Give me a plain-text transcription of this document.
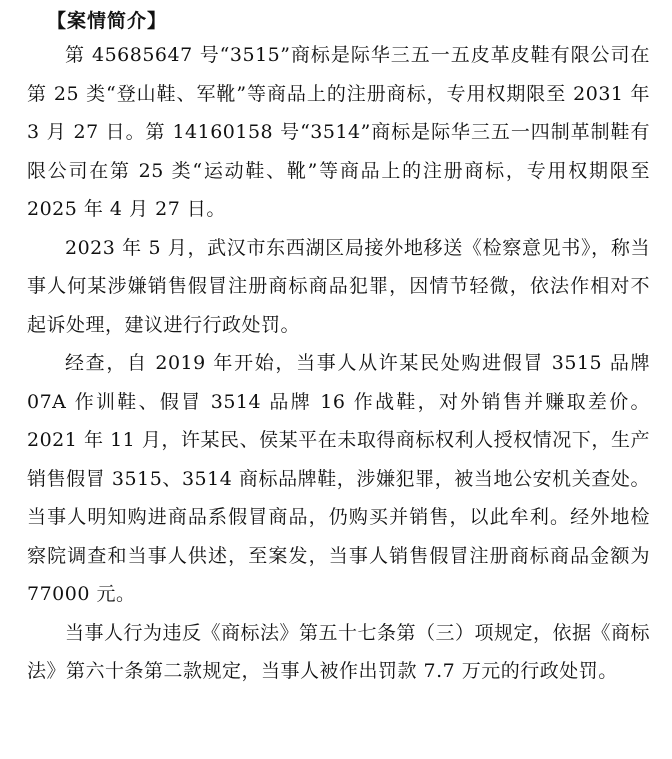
【案情简介】

第 45685647 号“3515”商标是际华三五一五皮革皮鞋有限公司在第 25 类“登山鞋、军靴”等商品上的注册商标，专用权期限至 2031 年 3 月 27 日。第 14160158 号“3514”商标是际华三五一四制革制鞋有限公司在第 25 类“运动鞋、靴”等商品上的注册商标，专用权期限至 2025 年 4 月 27 日。

2023 年 5 月，武汉市东西湖区局接外地移送《检察意见书》，称当事人何某涉嫌销售假冒注册商标商品犯罪，因情节轻微，依法作相对不起诉处理，建议进行行政处罚。

经查，自 2019 年开始，当事人从许某民处购进假冒 3515 品牌 07A 作训鞋、假冒 3514 品牌 16 作战鞋，对外销售并赚取差价。2021 年 11 月，许某民、侯某平在未取得商标权利人授权情况下，生产销售假冒 3515、3514 商标品牌鞋，涉嫌犯罪，被当地公安机关查处。当事人明知购进商品系假冒商品，仍购买并销售，以此牟利。经外地检察院调查和当事人供述，至案发，当事人销售假冒注册商标商品金额为 77000 元。

当事人行为违反《商标法》第五十七条第（三）项规定，依据《商标法》第六十条第二款规定，当事人被作出罚款 7.7 万元的行政处罚。
